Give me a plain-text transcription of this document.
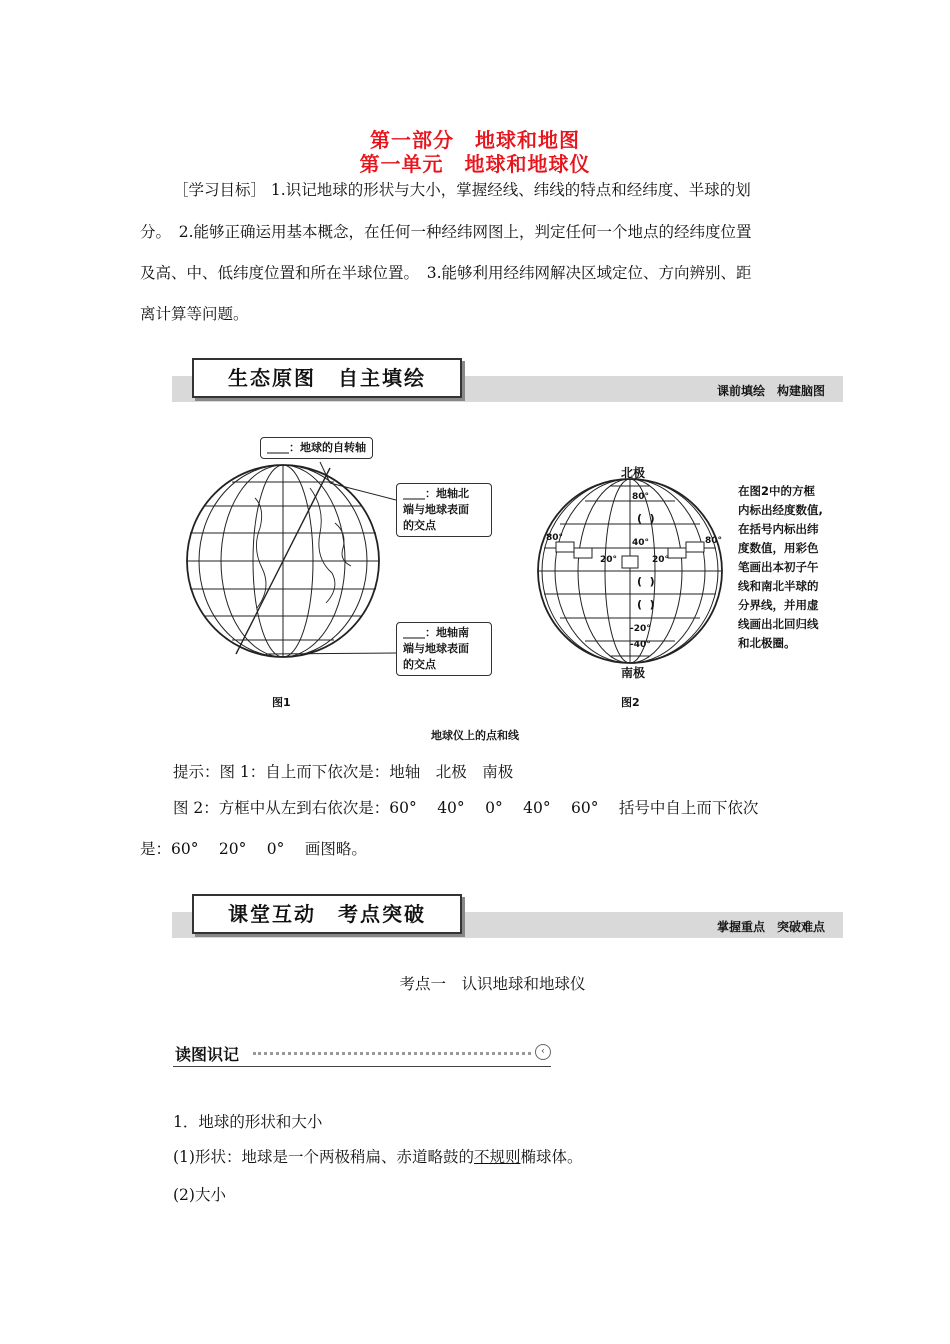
第一部分　地球和地图
第一单元　地球和地球仪
［学习目标］ 1.识记地球的形状与大小，掌握经线、纬线的特点和经纬度、半球的划
分。　2.能够正确运用基本概念，在任何一种经纬网图上，判定任何一个地点的经纬度位置
及高、中、低纬度位置和所在半球位置。　3.能够利用经纬网解决区域定位、方向辨别、距
离计算等问题。
生态原图　自主填绘
课前填绘　构建脑图
80°
(  )
40°
20°	20°
(  )
(  )
-20°
-40°
80°	80°
____：地球的自转轴
____：地轴北
端与地球表面
的交点
____：地轴南
端与地球表面
的交点
北极
南极
图1	图2
地球仪上的点和线
在图2中的方框
内标出经度数值,
在括号内标出纬
度数值，用彩色
笔画出本初子午
线和南北半球的
分界线，并用虚
线画出北回归线
和北极圈。
提示：图 1：自上而下依次是：地轴　北极　南极
图 2：方框中从左到右依次是：60°　 40°　 0°　 40°　 60°　 括号中自上而下依次
是：60°　 20°　 0°　 画图略。
课堂互动　考点突破
掌握重点　突破难点
考点一　认识地球和地球仪
读图识记	‹
1．地球的形状和大小
(1)形状：地球是一个两极稍扁、赤道略鼓的不规则椭球体。
(2)大小
